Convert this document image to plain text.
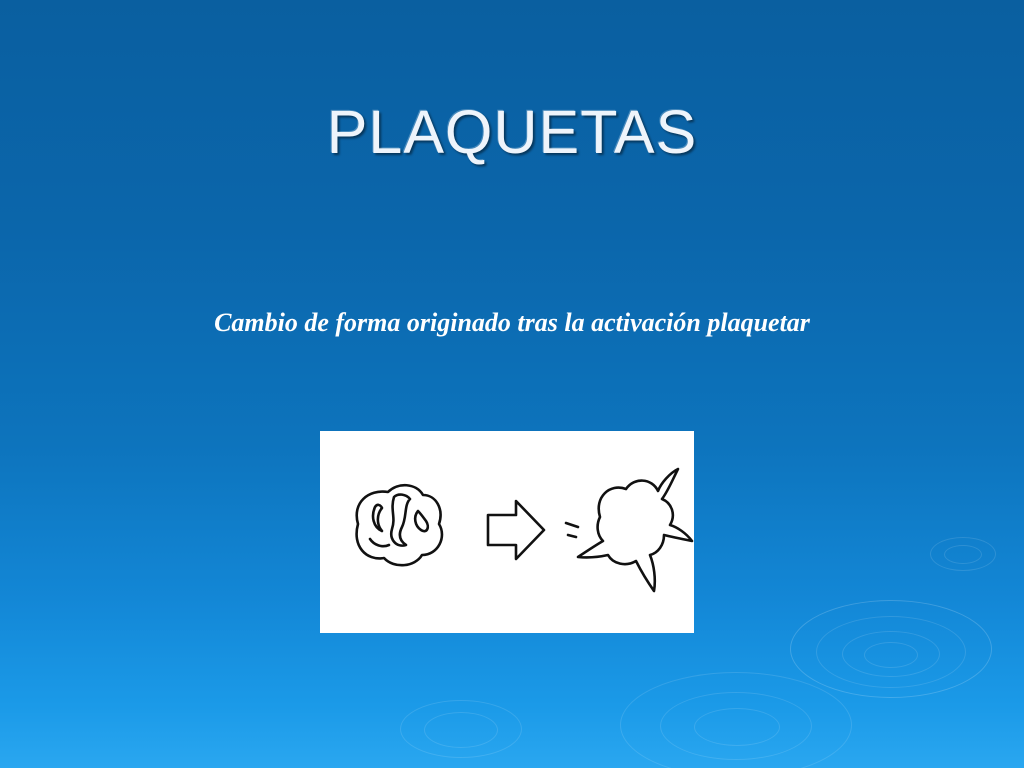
PLAQUETAS
Cambio de forma originado tras la activación plaquetar
